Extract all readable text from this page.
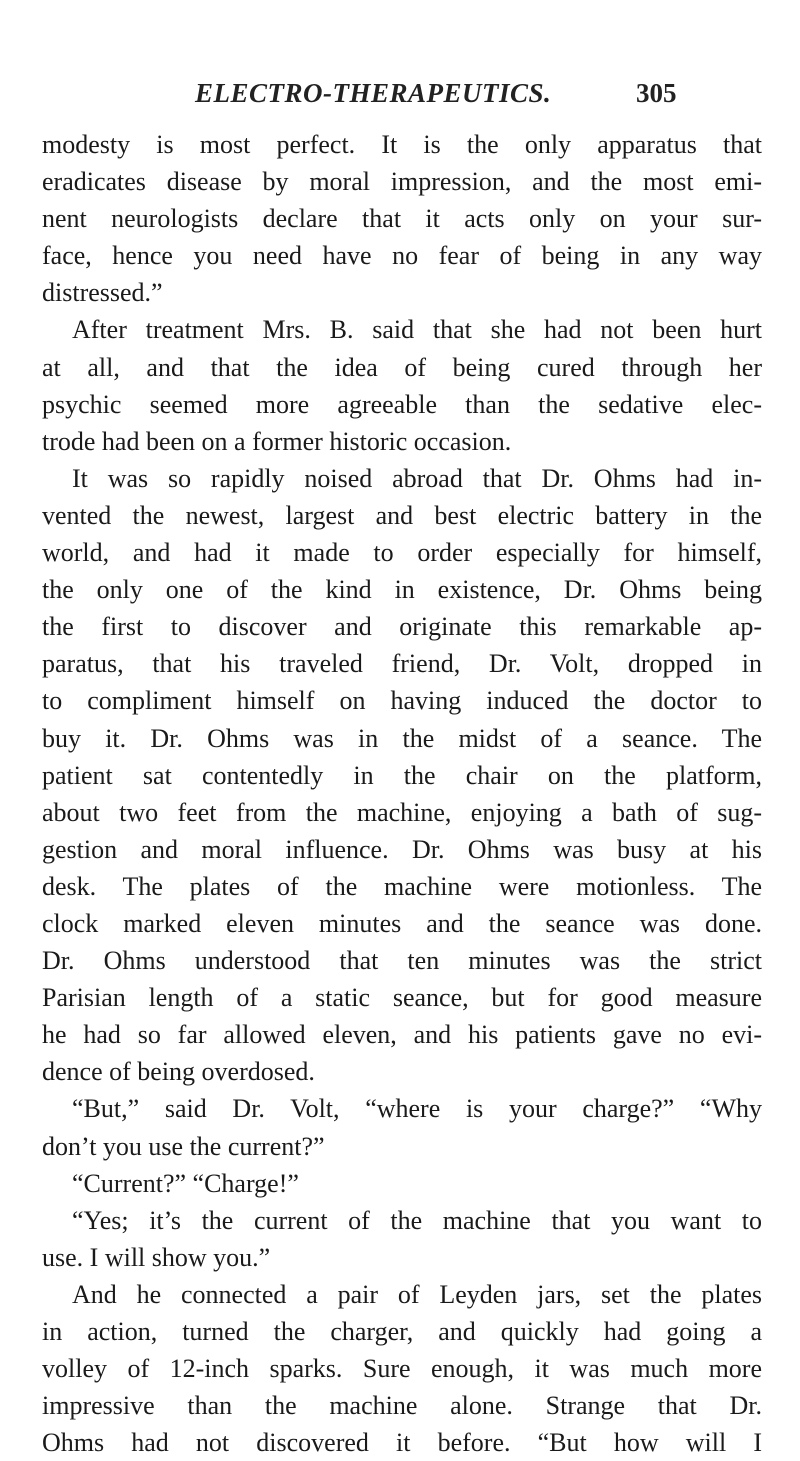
ELECTRO-THERAPEUTICS.	305
modesty is most perfect. It is the only apparatus that
eradicates disease by moral impression, and the most emi-
nent neurologists declare that it acts only on your sur-
face, hence you need have no fear of being in any way
distressed.”
After treatment Mrs. B. said that she had not been hurt
at all, and that the idea of being cured through her
psychic seemed more agreeable than the sedative elec-
trode had been on a former historic occasion.
It was so rapidly noised abroad that Dr. Ohms had in-
vented the newest, largest and best electric battery in the
world, and had it made to order especially for himself,
the only one of the kind in existence, Dr. Ohms being
the first to discover and originate this remarkable ap-
paratus, that his traveled friend, Dr. Volt, dropped in
to compliment himself on having induced the doctor to
buy it. Dr. Ohms was in the midst of a seance. The
patient sat contentedly in the chair on the platform,
about two feet from the machine, enjoying a bath of sug-
gestion and moral influence. Dr. Ohms was busy at his
desk. The plates of the machine were motionless. The
clock marked eleven minutes and the seance was done.
Dr. Ohms understood that ten minutes was the strict
Parisian length of a static seance, but for good measure
he had so far allowed eleven, and his patients gave no evi-
dence of being overdosed.
“But,” said Dr. Volt, “where is your charge?” “Why
don’t you use the current?”
“Current?” “Charge!”
“Yes; it’s the current of the machine that you want to
use. I will show you.”
And he connected a pair of Leyden jars, set the plates
in action, turned the charger, and quickly had going a
volley of 12-inch sparks. Sure enough, it was much more
impressive than the machine alone. Strange that Dr.
Ohms had not discovered it before. “But how will I
